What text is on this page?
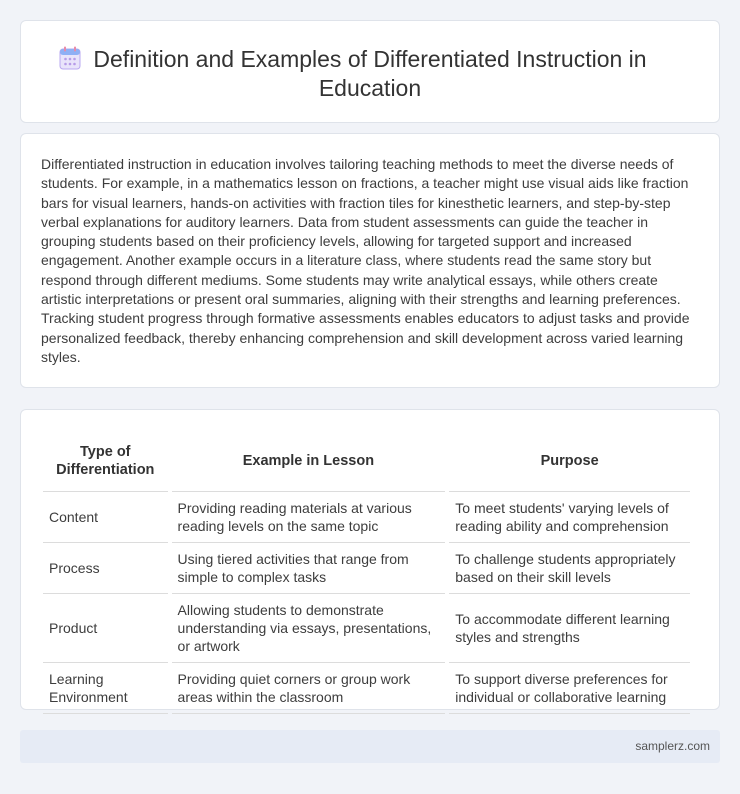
Definition and Examples of Differentiated Instruction in Education

Differentiated instruction in education involves tailoring teaching methods to meet the diverse needs of students. For example, in a mathematics lesson on fractions, a teacher might use visual aids like fraction bars for visual learners, hands-on activities with fraction tiles for kinesthetic learners, and step-by-step verbal explanations for auditory learners. Data from student assessments can guide the teacher in grouping students based on their proficiency levels, allowing for targeted support and increased engagement. Another example occurs in a literature class, where students read the same story but respond through different mediums. Some students may write analytical essays, while others create artistic interpretations or present oral summaries, aligning with their strengths and learning preferences. Tracking student progress through formative assessments enables educators to adjust tasks and provide personalized feedback, thereby enhancing comprehension and skill development across varied learning styles.

Type of Differentiation	Example in Lesson	Purpose
Content	Providing reading materials at various reading levels on the same topic	To meet students' varying levels of reading ability and comprehension
Process	Using tiered activities that range from simple to complex tasks	To challenge students appropriately based on their skill levels
Product	Allowing students to demonstrate understanding via essays, presentations, or artwork	To accommodate different learning styles and strengths
Learning Environment	Providing quiet corners or group work areas within the classroom	To support diverse preferences for individual or collaborative learning
samplerz.com
